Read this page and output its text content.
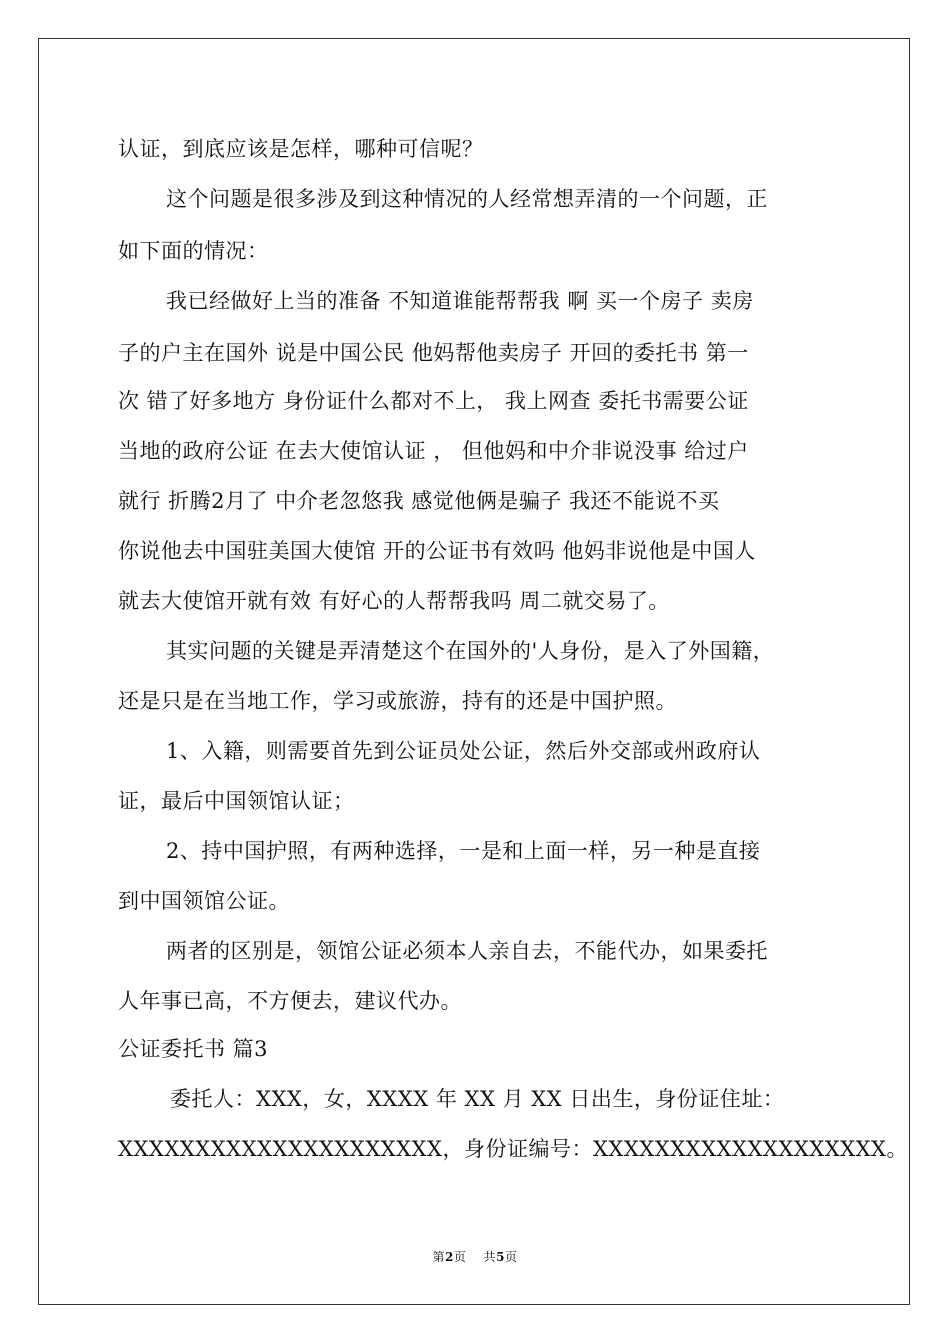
认证，到底应该是怎样，哪种可信呢？
这个问题是很多涉及到这种情况的人经常想弄清的一个问题，正
如下面的情况：
我已经做好上当的准备 不知道谁能帮帮我 啊 买一个房子 卖房
子的户主在国外 说是中国公民 他妈帮他卖房子 开回的委托书 第一
次 错了好多地方 身份证什么都对不上， 我上网查 委托书需要公证
当地的政府公证 在去大使馆认证 ， 但他妈和中介非说没事 给过户
就行 折腾2月了 中介老忽悠我 感觉他俩是骗子 我还不能说不买
你说他去中国驻美国大使馆 开的公证书有效吗 他妈非说他是中国人
就去大使馆开就有效 有好心的人帮帮我吗 周二就交易了。
其实问题的关键是弄清楚这个在国外的'人身份，是入了外国籍，
还是只是在当地工作，学习或旅游，持有的还是中国护照。
1、入籍，则需要首先到公证员处公证，然后外交部或州政府认
证，最后中国领馆认证；
2、持中国护照，有两种选择，一是和上面一样，另一种是直接
到中国领馆公证。
两者的区别是，领馆公证必须本人亲自去，不能代办，如果委托
人年事已高，不方便去，建议代办。
公证委托书 篇3
委托人：XXX，女，XXXX 年 XX 月 XX 日出生，身份证住址：
XXXXXXXXXXXXXXXXXXXXX，身份证编号：XXXXXXXXXXXXXXXXXXX。
第2页 共5页
